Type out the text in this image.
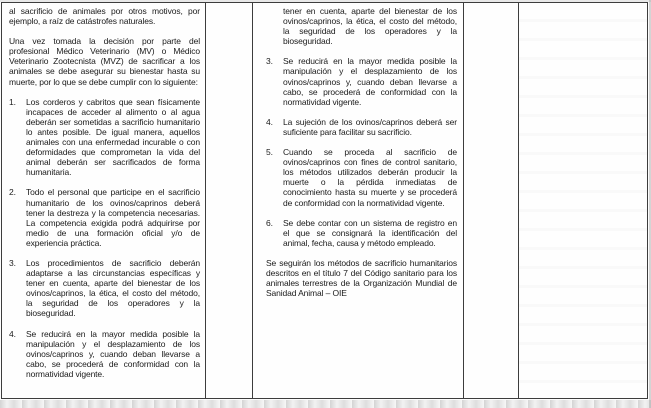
al sacrificio de animales por otros motivos, por ejemplo, a raíz de catástrofes naturales.

Una vez tomada la decisión por parte del profesional Médico Veterinario (MV) o Médico Veterinario Zootecnista (MVZ) de sacrificar a los animales se debe asegurar su bienestar hasta su muerte, por lo que se debe cumplir con lo siguiente:

1.	Los corderos y cabritos que sean físicamente incapaces de acceder al alimento o al agua deberán ser sometidas a sacrificio humanitario lo antes posible. De igual manera, aquellos animales con una enfermedad incurable o con deformidades que comprometan la vida del animal deberán ser sacrificados de forma humanitaria.
2.	Todo el personal que participe en el sacrificio humanitario de los ovinos/caprinos deberá tener la destreza y la competencia necesarias. La competencia exigida podrá adquirirse por medio de una formación oficial y/o de experiencia práctica.
3.	Los procedimientos de sacrificio deberán adaptarse a las circunstancias específicas y tener en cuenta, aparte del bienestar de los ovinos/caprinos, la ética, el costo del método, la seguridad de los operadores y la bioseguridad.
4.	Se reducirá en la mayor medida posible la manipulación y el desplazamiento de los ovinos/caprinos y, cuando deban llevarse a cabo, se procederá de conformidad con la normatividad vigente.

tener en cuenta, aparte del bienestar de los ovinos/caprinos, la ética, el costo del método, la seguridad de los operadores y la bioseguridad.

3.	Se reducirá en la mayor medida posible la manipulación y el desplazamiento de los ovinos/caprinos y, cuando deban llevarse a cabo, se procederá de conformidad con la normatividad vigente.
4.	La sujeción de los ovinos/caprinos deberá ser suficiente para facilitar su sacrificio.
5.	Cuando se proceda al sacrificio de ovinos/caprinos con fines de control sanitario, los métodos utilizados deberán producir la muerte o la pérdida inmediatas de conocimiento hasta su muerte y se procederá de conformidad con la normatividad vigente.
6.	Se debe contar con un sistema de registro en el que se consignará la identificación del animal, fecha, causa y método empleado.

Se seguirán los métodos de sacrificio humanitarios descritos en el título 7 del Código sanitario para los animales terrestres de la Organización Mundial de Sanidad Animal – OIE
